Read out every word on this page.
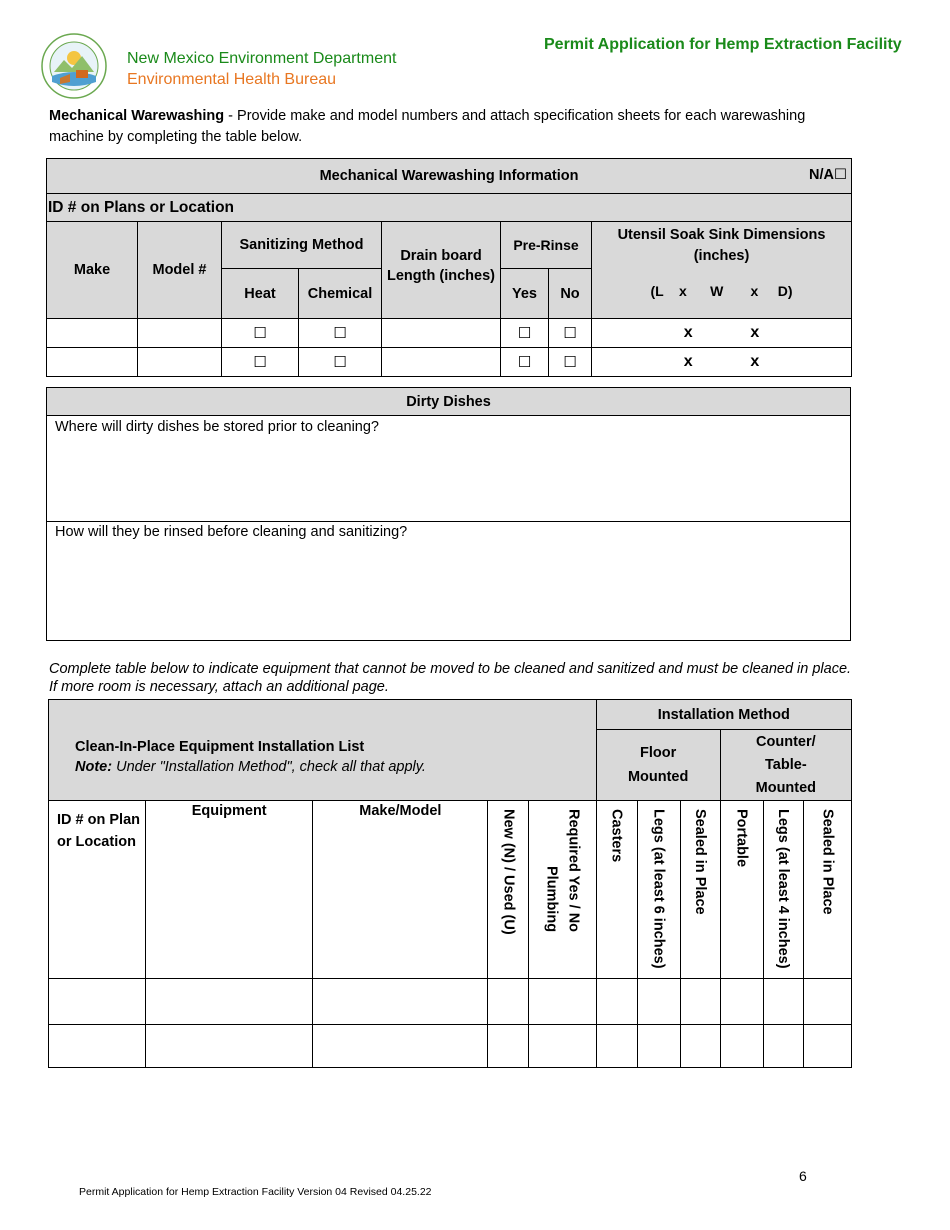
New Mexico Environment Department
Environmental Health Bureau
Permit Application for Hemp Extraction Facility
Mechanical Warewashing - Provide make and model numbers and attach specification sheets for each warewashing machine by completing the table below.
Mechanical Warewashing Information N/A☐							

ID # on Plans or Location							
Make	Model #	Sanitizing Method		Drain board Length (inches)	Pre-Rinse		Utensil Soak Sink Dimensions (inches)
(L    x      W       x     D)

		Heat	Chemical		Yes	No	
		☐	☐		☐	☐	x             x
		☐	☐		☐	☐	x             x
Dirty Dishes
Where will dirty dishes be stored prior to cleaning?
How will they be rinsed before cleaning and sanitizing?
Complete table below to indicate equipment that cannot be moved to be cleaned and sanitized and must be cleaned in place. If more room is necessary, attach an additional page.
Clean-In-Place Equipment Installation List
Note: Under "Installation Method", check all that apply.					Installation Method					
					Floor Mounted			Counter/ Table-Mounted		
ID # on Plan or Location	Equipment	Make/Model	New (N) / Used (U)	Plumbing Required Yes / No	Casters	Legs (at least 6 inches)	Sealed in Place	Portable	Legs (at least 4 inches)	Sealed in Place

6
Permit Application for Hemp Extraction Facility Version 04 Revised 04.25.22
